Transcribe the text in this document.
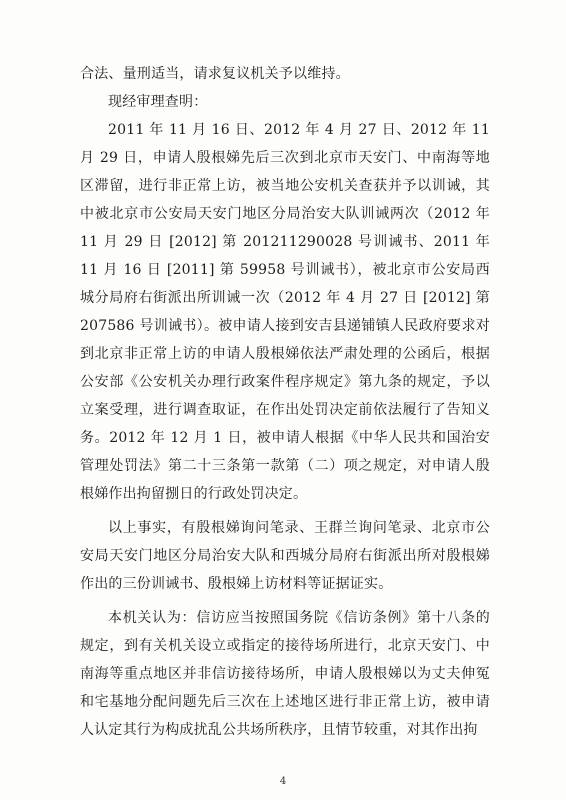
合法、量刑适当，请求复议机关予以维持。

现经审理查明：

2011 年 11 月 16 日、2012 年 4 月 27 日、2012 年 11 月 29 日，申请人殷根娣先后三次到北京市天安门、中南海等地区滞留，进行非正常上访，被当地公安机关查获并予以训诫，其中被北京市公安局天安门地区分局治安大队训诫两次（2012 年 11 月 29 日 [2012] 第 201211290028 号训诫书、2011 年 11 月 16 日 [2011] 第 59958 号训诫书），被北京市公安局西城分局府右街派出所训诫一次（2012 年 4 月 27 日 [2012] 第 207586 号训诫书）。被申请人接到安吉县递铺镇人民政府要求对到北京非正常上访的申请人殷根娣依法严肃处理的公函后，根据公安部《公安机关办理行政案件程序规定》第九条的规定，予以立案受理，进行调查取证，在作出处罚决定前依法履行了告知义务。2012 年 12 月 1 日，被申请人根据《中华人民共和国治安管理处罚法》第二十三条第一款第（二）项之规定，对申请人殷根娣作出拘留捌日的行政处罚决定。

以上事实，有殷根娣询问笔录、王群兰询问笔录、北京市公安局天安门地区分局治安大队和西城分局府右街派出所对殷根娣作出的三份训诫书、殷根娣上访材料等证据证实。

本机关认为：信访应当按照国务院《信访条例》第十八条的规定，到有关机关设立或指定的接待场所进行，北京天安门、中南海等重点地区并非信访接待场所，申请人殷根娣以为丈夫伸冤和宅基地分配问题先后三次在上述地区进行非正常上访，被申请人认定其行为构成扰乱公共场所秩序，且情节较重，对其作出拘

4
